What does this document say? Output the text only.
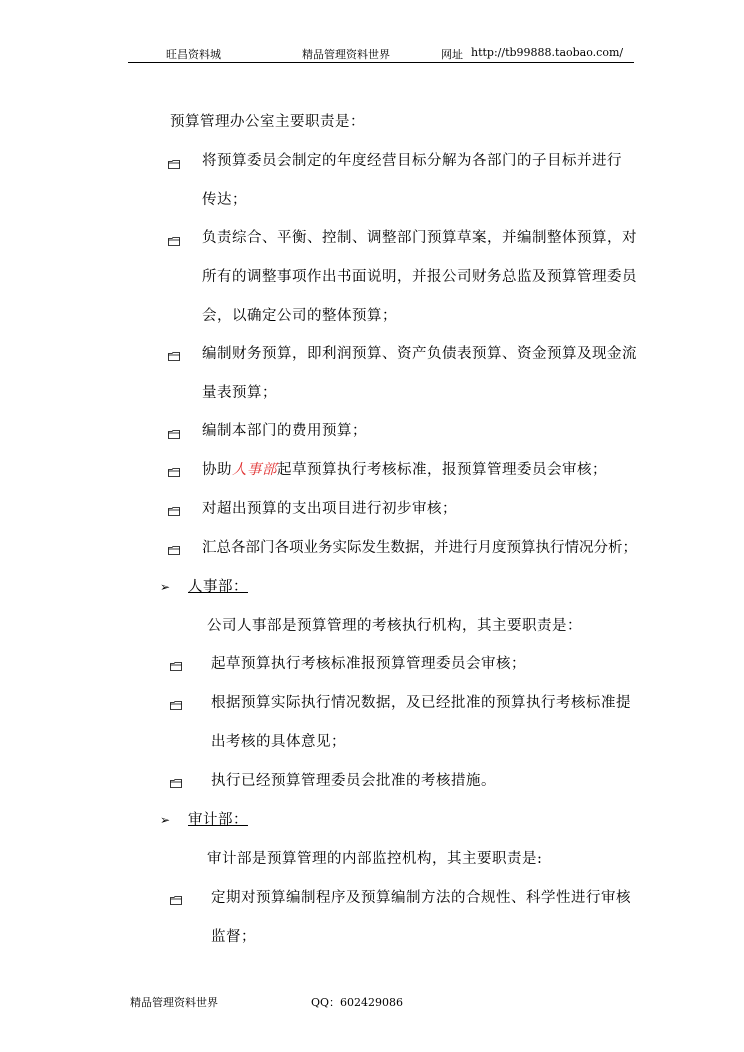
旺昌资料城	精品管理资料世界	网址 http://tb99888.taobao.com/
预算管理办公室主要职责是：
将预算委员会制定的年度经营目标分解为各部门的子目标并进行
传达；
负责综合、平衡、控制、调整部门预算草案，并编制整体预算，对
所有的调整事项作出书面说明，并报公司财务总监及预算管理委员
会，以确定公司的整体预算；
编制财务预算，即利润预算、资产负债表预算、资金预算及现金流
量表预算；
编制本部门的费用预算；
协助人事部起草预算执行考核标准，报预算管理委员会审核；
对超出预算的支出项目进行初步审核；
汇总各部门各项业务实际发生数据，并进行月度预算执行情况分析；
➢ 人事部：
公司人事部是预算管理的考核执行机构，其主要职责是：
起草预算执行考核标准报预算管理委员会审核；
根据预算实际执行情况数据，及已经批准的预算执行考核标准提
出考核的具体意见；
执行已经预算管理委员会批准的考核措施。
➢ 审计部：
审计部是预算管理的内部监控机构，其主要职责是:
定期对预算编制程序及预算编制方法的合规性、科学性进行审核
监督；
精品管理资料世界	QQ：602429086
